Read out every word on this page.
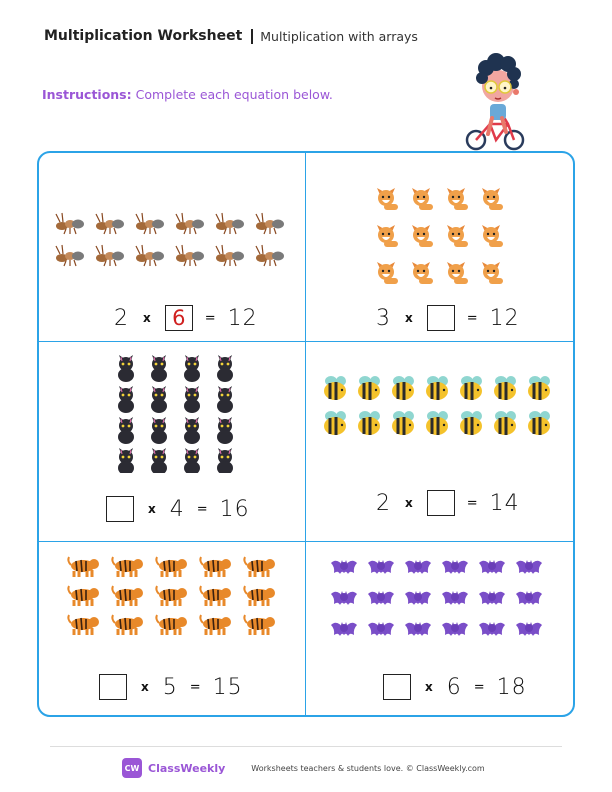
Multiplication Worksheet Multiplication with arrays
Instructions: Complete each equation below.
2 x	6	= 12	3 x	= 12
x 4 = 16	2 x	= 14
x 5 = 15	x 6 = 18
CW ClassWeekly	Worksheets teachers & students love. © ClassWeekly.com
